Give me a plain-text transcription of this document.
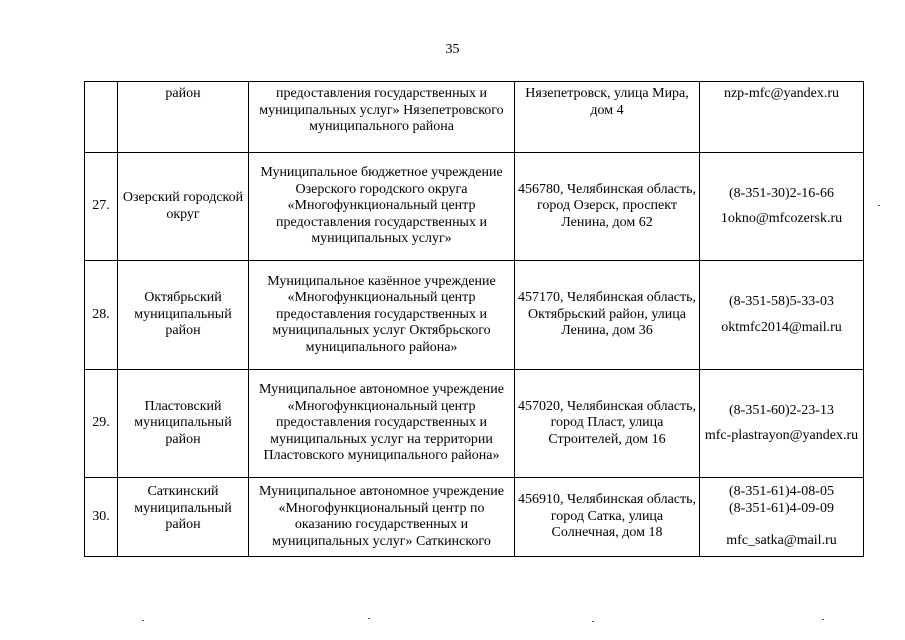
35
	район	предоставления государственных и муниципальных услуг» Нязепетровского муниципального района	Нязепетровск, улица Мира, дом 4	nzp-mfc@yandex.ru

27.	Озерский городской округ	Муниципальное бюджетное учреждение Озерского городского округа «Многофункциональный центр предоставления государственных и муниципальных услуг»	456780, Челябинская область, город Озерск, проспект Ленина, дом 62	(8-351-30)2-16-66
1okno@mfcozersk.ru

28.	Октябрьский муниципальный район	Муниципальное казённое учреждение «Многофункциональный центр предоставления государственных и муниципальных услуг Октябрьского муниципального района»	457170, Челябинская область, Октябрьский район, улица Ленина, дом 36	(8-351-58)5-33-03
oktmfc2014@mail.ru

29.	Пластовский муниципальный район	Муниципальное автономное учреждение «Многофункциональный центр предоставления государственных и муниципальных услуг на территории Пластовского муниципального района»	457020, Челябинская область, город Пласт, улица Строителей, дом 16	(8-351-60)2-23-13
mfc-plastrayon@yandex.ru

30.	Саткинский муниципальный район	Муниципальное автономное учреждение «Многофункциональный центр по оказанию государственных и муниципальных услуг» Саткинского	456910, Челябинская область, город Сатка, улица Солнечная, дом 18	(8-351-61)4-08-05
(8-351-61)4-09-09
mfc_satka@mail.ru
